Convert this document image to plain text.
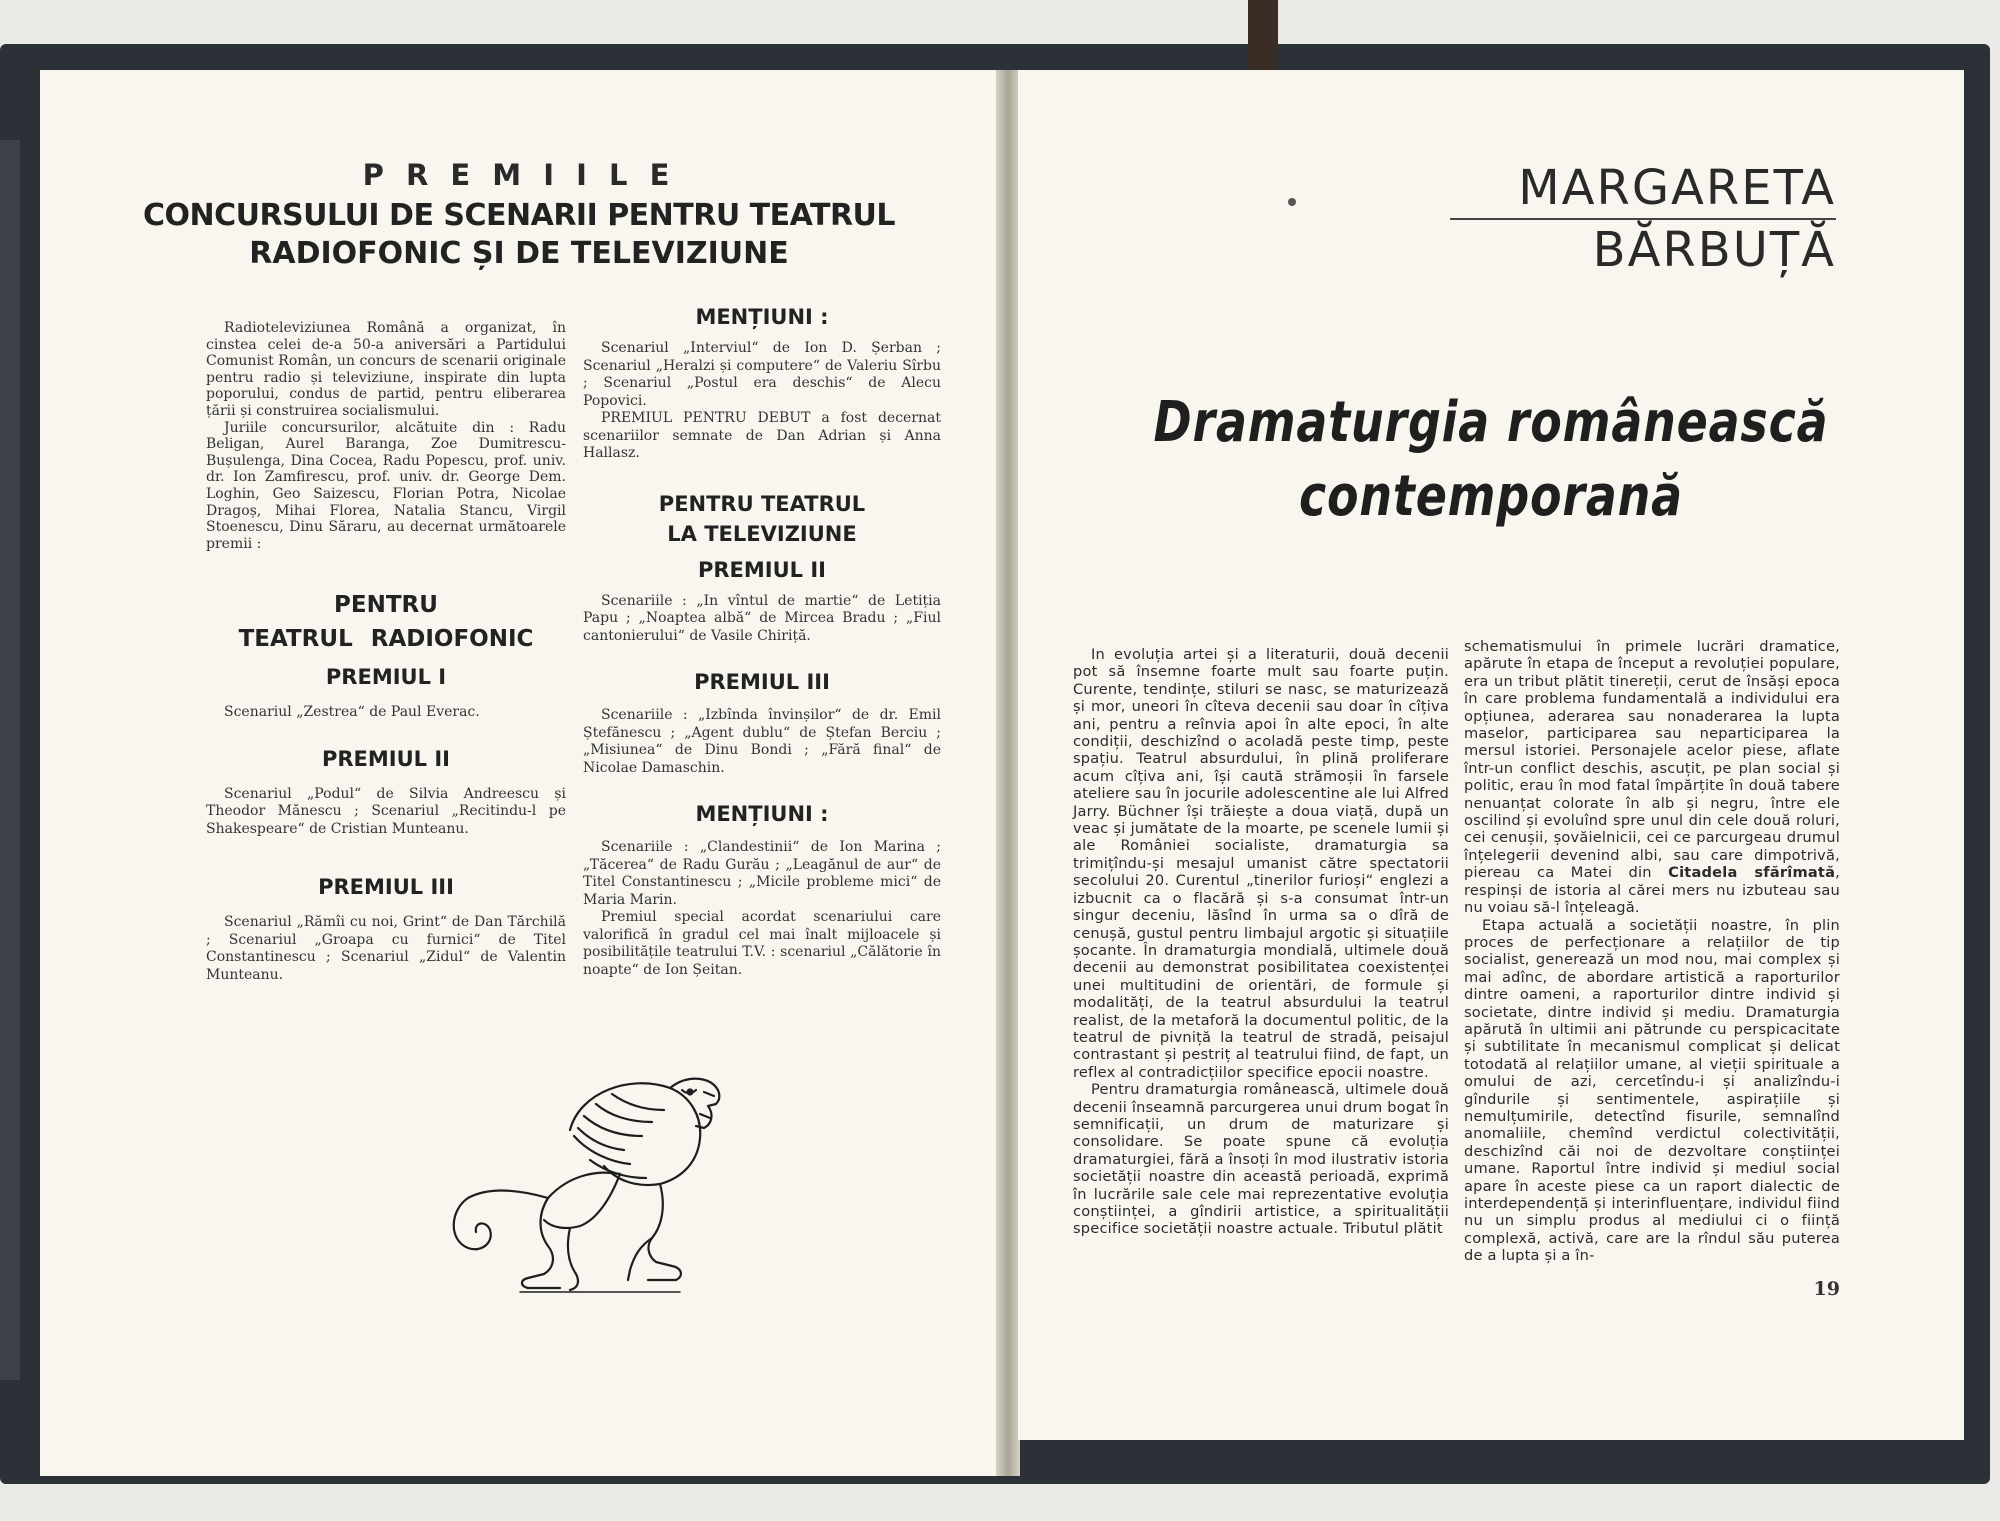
P R E M I I L E
CONCURSULUI DE SCENARII PENTRU TEATRUL
RADIOFONIC ȘI DE TELEVIZIUNE

Radioteleviziunea Română a organizat, în cinstea celei de-a 50-a aniversări a Partidului Comunist Român, un concurs de scenarii originale pentru radio și televiziune, inspirate din lupta poporului, condus de partid, pentru eliberarea țării și construirea socialismului.

Juriile concursurilor, alcătuite din : Radu Beligan, Aurel Baranga, Zoe Dumitrescu-Bușulenga, Dina Cocea, Radu Popescu, prof. univ. dr. Ion Zamfirescu, prof. univ. dr. George Dem. Loghin, Geo Saizescu, Florian Potra, Nicolae Dragoș, Mihai Florea, Natalia Stancu, Virgil Stoenescu, Dinu Săraru, au decernat următoarele premii :

PENTRU
TEATRUL RADIOFONIC
PREMIUL I

Scenariul „Zestrea“ de Paul Everac.

PREMIUL II

Scenariul „Podul“ de Silvia Andreescu și Theodor Mănescu ; Scenariul „Recitindu-l pe Shakespeare“ de Cristian Munteanu.

PREMIUL III

Scenariul „Rămîi cu noi, Grint“ de Dan Tărchilă ; Scenariul „Groapa cu furnici“ de Titel Constantinescu ; Scenariul „Zidul“ de Valentin Munteanu.

MENȚIUNI :

Scenariul „Interviul“ de Ion D. Șerban ; Scenariul „Heralzi și computere“ de Valeriu Sîrbu ; Scenariul „Postul era deschis“ de Alecu Popovici.

PREMIUL PENTRU DEBUT a fost decernat scenariilor semnate de Dan Adrian și Anna Hallasz.

PENTRU TEATRUL
LA TELEVIZIUNE
PREMIUL II

Scenariile : „In vîntul de martie“ de Letiția Papu ; „Noaptea albă“ de Mircea Bradu ; „Fiul cantonierului“ de Vasile Chiriță.

PREMIUL III

Scenariile : „Izbînda învinșilor“ de dr. Emil Ștefănescu ; „Agent dublu“ de Ștefan Berciu ; „Misiunea“ de Dinu Bondi ; „Fără final“ de Nicolae Damaschin.

MENȚIUNI :

Scenariile : „Clandestinii“ de Ion Marina ; „Tăcerea“ de Radu Gurău ; „Leagănul de aur“ de Titel Constantinescu ; „Micile probleme mici“ de Maria Marin.

Premiul special acordat scenariului care valorifică în gradul cel mai înalt mijloacele și posibilitățile teatrului T.V. : scenariul „Călătorie în noapte“ de Ion Șeitan.

MARGARETA
BĂRBUȚĂ
Dramaturgia românească
contemporană

In evoluția artei și a literaturii, două decenii pot să însemne foarte mult sau foarte puțin. Curente, tendințe, stiluri se nasc, se maturizează și mor, uneori în cîteva decenii sau doar în cîțiva ani, pentru a reînvia apoi în alte epoci, în alte condiții, deschizînd o acoladă peste timp, peste spațiu. Teatrul absurdului, în plină proliferare acum cîțiva ani, își caută strămoșii în farsele ateliere sau în jocurile adolescentine ale lui Alfred Jarry. Büchner își trăiește a doua viață, după un veac și jumătate de la moarte, pe scenele lumii și ale României socialiste, dramaturgia sa trimițîndu-și mesajul umanist către spectatorii secolului 20. Curentul „tinerilor furioși“ englezi a izbucnit ca o flacără și s-a consumat într-un singur deceniu, lăsînd în urma sa o dîră de cenușă, gustul pentru limbajul argotic și situațiile șocante. În dramaturgia mondială, ultimele două decenii au demonstrat posibilitatea coexistenței unei multitudini de orientări, de formule și modalități, de la teatrul absurdului la teatrul realist, de la metaforă la documentul politic, de la teatrul de pivniță la teatrul de stradă, peisajul contrastant și pestriț al teatrului fiind, de fapt, un reflex al contradicțiilor specifice epocii noastre.

Pentru dramaturgia românească, ultimele două decenii înseamnă parcurgerea unui drum bogat în semnificații, un drum de maturizare și consolidare. Se poate spune că evoluția dramaturgiei, fără a însoți în mod ilustrativ istoria societății noastre din această perioadă, exprimă în lucrările sale cele mai reprezentative evoluția conștiinței, a gîndirii artistice, a spiritualității specifice societății noastre actuale. Tributul plătit

schematismului în primele lucrări dramatice, apărute în etapa de început a revoluției populare, era un tribut plătit tinereții, cerut de însăși epoca în care problema fundamentală a individului era opțiunea, aderarea sau nonaderarea la lupta maselor, participarea sau neparticiparea la mersul istoriei. Personajele acelor piese, aflate într-un conflict deschis, ascuțit, pe plan social și politic, erau în mod fatal împărțite în două tabere nenuanțat colorate în alb și negru, între ele oscilind și evoluînd spre unul din cele două roluri, cei cenușii, șovăielnicii, cei ce parcurgeau drumul înțelegerii devenind albi, sau care dimpotrivă, piereau ca Matei din Citadela sfărîmată, respinși de istoria al cărei mers nu izbuteau sau nu voiau să-l înțeleagă.

Etapa actuală a societății noastre, în plin proces de perfecționare a relațiilor de tip socialist, generează un mod nou, mai complex și mai adînc, de abordare artistică a raporturilor dintre oameni, a raporturilor dintre individ și societate, dintre individ și mediu. Dramaturgia apărută în ultimii ani pătrunde cu perspicacitate și subtilitate în mecanismul complicat și delicat totodată al relațiilor umane, al vieții spirituale a omului de azi, cercetîndu-i și analizîndu-i gîndurile și sentimentele, aspirațiile și nemulțumirile, detectînd fisurile, semnalînd anomaliile, chemînd verdictul colectivității, deschizînd căi noi de dezvoltare conștiinței umane. Raportul între individ și mediul social apare în aceste piese ca un raport dialectic de interdependență și interinfluențare, individul fiind nu un simplu produs al mediului ci o ființă complexă, activă, care are la rîndul său puterea de a lupta și a în-

19
